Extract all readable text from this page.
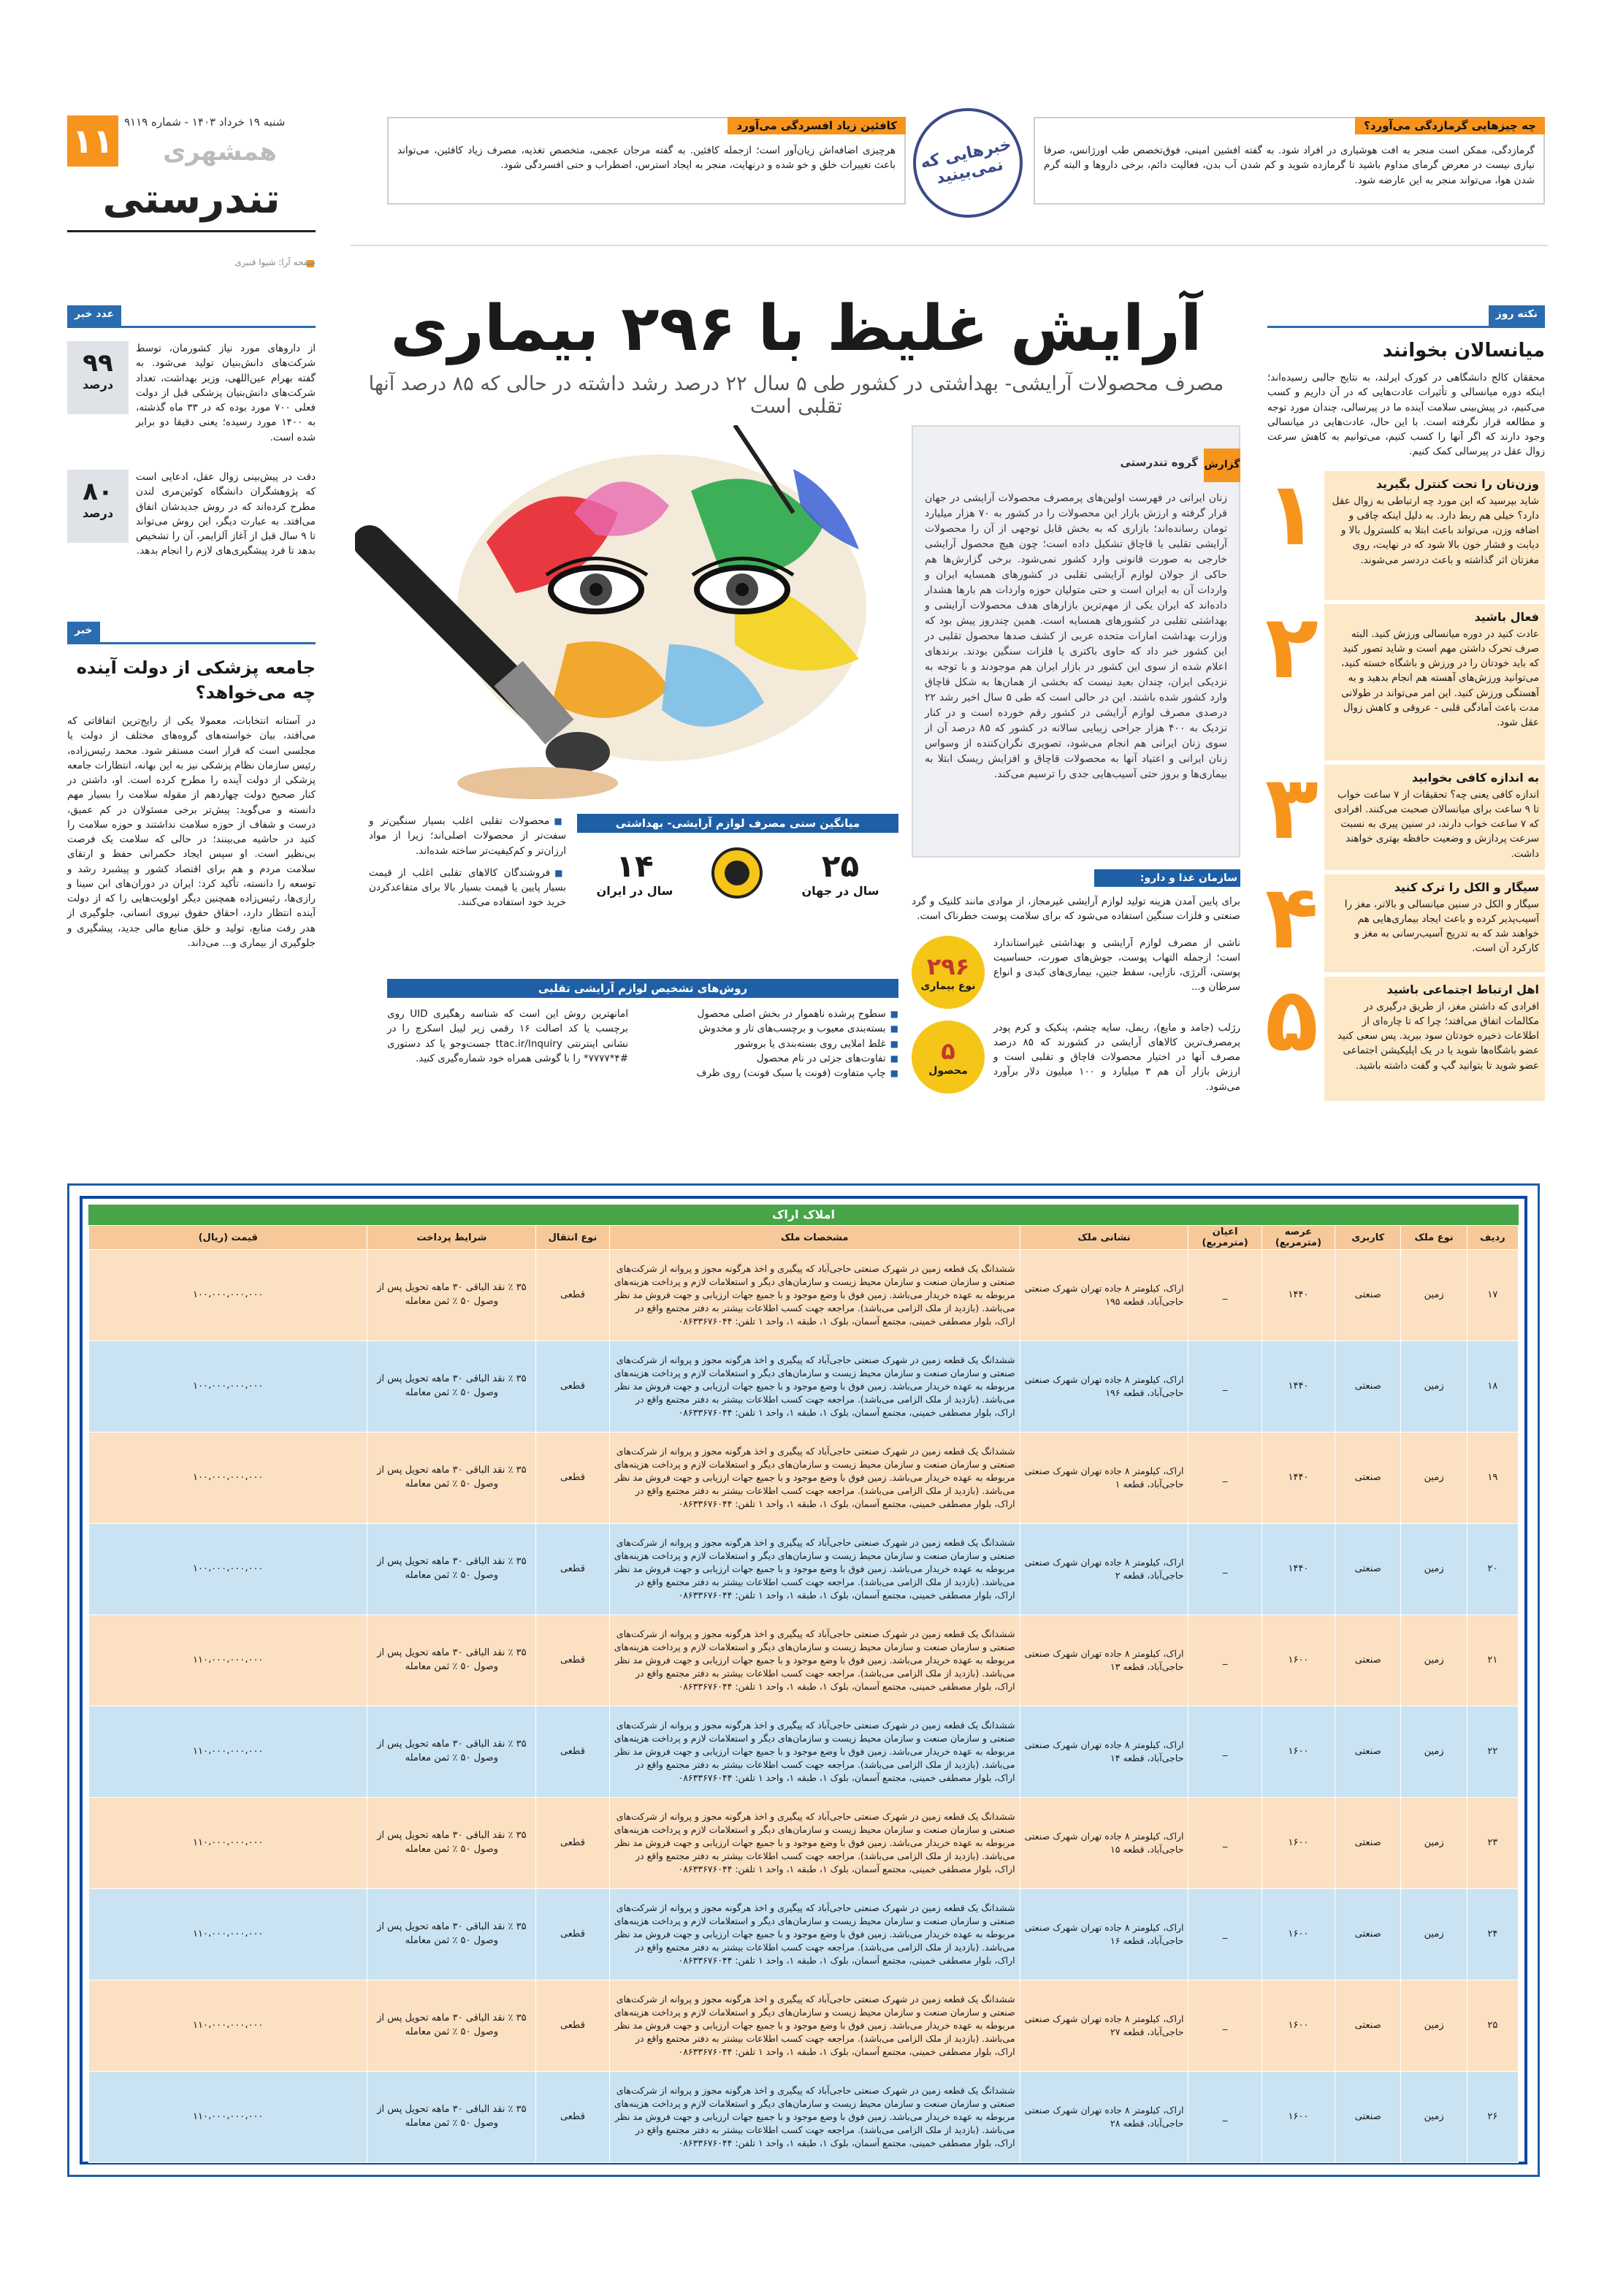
۱۱ شنبه ۱۹ خرداد ۱۴۰۳ - شماره ۹۱۱۹
همشهری
تندرستی
صفحه آرا: شیوا قنبری
چه چیزهایی گرمازدگی می‌آورد؟
گرمازدگی، ممکن است منجر به افت هوشیاری در افراد شود. به گفته افشین امینی، فوق‌تخصص طب اورژانس، صرفا نیازی نیست در معرض گرمای مداوم باشید تا گرمازده شوید و کم شدن آب بدن، فعالیت دائم، برخی داروها و البته گرم شدن هوا، می‌تواند منجر به این عارضه شود.
خبرهایی که نمی‌بینید
کافئین زیاد افسردگی می‌آورد
هرچیزی اضافه‌اش زیان‌آور است؛ ازجمله کافئین. به گفته مرجان عجمی، متخصص تغذیه، مصرف زیاد کافئین، می‌تواند باعث تغییرات خلق و خو شده و درنهایت، منجر به ایجاد استرس، اضطراب و حتی افسردگی شود.
نکته روز
میانسالان بخوانند
محققان کالج دانشگاهی در کورک ایرلند، به نتایج جالبی رسیده‌اند؛ اینکه دوره میانسالی و تأثیرات عادت‌هایی که در آن داریم و کسب می‌کنیم، در پیش‌بینی سلامت آینده ما در پیرسالی، چندان مورد توجه و مطالعه قرار نگرفته است. با این حال، عادت‌هایی در میانسالی وجود دارند که اگر آنها را کسب کنیم، می‌توانیم به کاهش سرعت زوال عقل در پیرسالی کمک کنیم.
وزن‌تان را تحت کنترل بگیرید
شاید بپرسید که این مورد چه ارتباطی به زوال عقل دارد؟ خیلی هم ربط دارد. به دلیل اینکه چاقی و اضافه وزن، می‌تواند باعث ابتلا به کلسترول بالا و دیابت و فشار خون بالا شود که در نهایت، روی مغزتان اثر گذاشته و باعث دردسر می‌شوند.
۱
فعال باشید
عادت کنید در دوره میانسالی ورزش کنید. البته صرف تحرک داشتن مهم است و شاید تصور کنید که باید خودتان را در ورزش و باشگاه خسته کنید، می‌توانید ورزش‌های آهسته هم انجام بدهید و به آهستگی ورزش کنید. این امر می‌تواند در طولانی مدت باعث آمادگی قلبی - عروقی و کاهش زوال عقل شود.
۲
به اندازه کافی بخوابید
اندازه کافی یعنی چه؟ تحقیقات از ۷ ساعت خواب تا ۹ ساعت برای میانسالان صحبت می‌کنند. افرادی که ۷ ساعت خواب دارند، در سنین پیری به نسبت سرعت پردازش و وضعیت حافظه بهتری خواهند داشت.
۳
سیگار و الکل را ترک کنید
سیگار و الکل در سنین میانسالی و بالاتر، مغز را آسیب‌پذیر کرده و باعث ایجاد بیماری‌هایی هم خواهند شد که به تدریج آسیب‌رسانی به مغز و کارکرد آن است.
۴
اهل ارتباط اجتماعی باشید
افرادی که داشتن مغز، از طریق درگیری در مکالمات اتفاق می‌افتد؛ چرا که تا چاره‌ای از اطلاعات ذخیره خودتان سود ببرید. پس سعی کنید عضو باشگاه‌ها شوید یا در یک اپلیکیشن اجتماعی عضو شوید تا بتوانید گپ و گفت داشته باشید.
۵
عدد خبر
از داروهای مورد نیاز کشورمان، توسط شرکت‌های دانش‌بنیان تولید می‌شود. به گفته بهرام عین‌اللهی، وزیر بهداشت، تعداد شرکت‌های دانش‌بنیان پزشکی قبل از دولت فعلی ۷۰۰ مورد بوده که در ۳۳ ماه گذشته، به ۱۴۰۰ مورد رسیده؛ یعنی دقیقا دو برابر شده است.
۹۹
درصد
دقت در پیش‌بینی زوال عقل، ادعایی است که پژوهشگران دانشگاه کوئین‌مری لندن مطرح کرده‌اند که در روش جدیدشان اتفاق می‌افتد. به عبارت دیگر، این روش می‌تواند تا ۹ سال قبل از آغاز آلزایمر، آن را تشخیص بدهد تا فرد پیشگیری‌های لازم را انجام بدهد.
۸۰
درصد
خبر
جامعه پزشکی از دولت آینده چه می‌خواهد؟
در آستانه انتخابات، معمولا یکی از رایج‌ترین اتفاقاتی که می‌افتد، بیان خواسته‌های گروه‌های مختلف از دولت یا مجلسی است که قرار است مستقر شود. محمد رئیس‌زاده، رئیس سازمان نظام پزشکی نیز به این بهانه، انتظارات جامعه پزشکی از دولت آینده را مطرح کرده است. او، داشتن در کنار صحیح دولت چهاردهم از مقوله سلامت را بسیار مهم دانسته و می‌گوید: پیش‌تر برخی مسئولان در کم عمیق، درست و شفاف از حوزه سلامت نداشتند و حوزه سلامت را کنید در حاشیه می‌بینند؛ در حالی که سلامت یک فرصت بی‌نظیر است. او سپس ایجاد حکمرانی حفظ و ارتقای سلامت مردم و هم برای اقتصاد کشور و پیشبرد رشد و توسعه را دانسته، تأکید کرد: ایران در دوران‌های ابن سینا و رازی‌ها، رئیس‌زاده همچنین دیگر اولویت‌هایی را که از دولت آینده انتظار دارد، احقاق حقوق نیروی انسانی، جلوگیری از هدر رفت منابع، تولید و خلق منابع مالی جدید، پیشگیری و جلوگیری از بیماری و... می‌داند.
آرایش غلیظ با ۲۹۶ بیماری
مصرف محصولات آرایشی- بهداشتی در کشور طی ۵ سال ۲۲ درصد رشد داشته در حالی که ۸۵ درصد آنها تقلبی است
زنان ایرانی در فهرست اولین‌های پرمصرف محصولات آرایشی در جهان قرار گرفته و ارزش بازار این محصولات را در کشور به ۷۰ هزار میلیارد تومان رسانده‌اند؛ بازاری که به بخش قابل توجهی از آن را محصولات آرایشی تقلبی یا قاچاق تشکیل داده است؛ چون هیچ محصول آرایشی خارجی به صورت قانونی وارد کشور نمی‌شود. برخی گزارش‌ها هم حاکی از جولان لوازم آرایشی تقلبی در کشورهای همسایه ایران و واردات آن به ایران است و حتی متولیان حوزه واردات هم بارها هشدار داده‌اند که ایران یکی از مهم‌ترین بازارهای هدف محصولات آرایشی و بهداشتی تقلبی در کشورهای همسایه است. همین چندروز پیش بود که وزارت بهداشت امارات متحده عربی از کشف صدها محصول تقلبی در این کشور خبر داد که حاوی باکتری یا فلزات سنگین بودند. برندهای اعلام شده از سوی این کشور در بازار ایران هم موجودند و با توجه به نزدیکی ایران، چندان بعید نیست که بخشی از همان‌ها به شکل قاچاق وارد کشور شده باشند. این در حالی است که طی ۵ سال اخیر رشد ۲۲ درصدی مصرف لوازم آرایشی در کشور رقم خورده است و در کنار نزدیک به ۴۰۰ هزار جراحی زیبایی سالانه در کشور که ۸۵ درصد آن از سوی زنان ایرانی هم انجام می‌شود، تصویری نگران‌کننده از وسواس زنان ایرانی و اعتیاد آنها به محصولات قاچاق و افزایش ریسک ابتلا به بیماری‌ها و بروز حتی آسیب‌هایی جدی را ترسیم می‌کند.
گزارش
گروه تندرستی
سازمان غذا و دارو:
برای پایین آمدن هزینه تولید لوازم آرایشی غیرمجاز، از موادی مانند کلنیک و گرد صنعتی و فلزات سنگین استفاده می‌شود که برای سلامت پوست خطرناک است.
ناشی از مصرف لوازم آرایشی و بهداشتی غیراستاندارد است؛ ازجمله التهاب پوست، جوش‌های صورت، حساسیت پوستی، آلرژی، نازایی، سقط جنین، بیماری‌های کبدی و انواع سرطان و...
۲۹۶
نوع بیماری
رژلب (جامد و مایع)، ریمل، سایه چشم، پنکیک و کرم پودر پرمصرف‌ترین کالاهای آرایشی در کشورند که ۸۵ درصد مصرف آنها در اختیار محصولات قاچاق و تقلبی است و ارزش بازار آن هم ۳ میلیارد و ۱۰۰ میلیون دلار برآورد می‌شود.
۵
محصول
میانگین سنی مصرف لوازم آرایشی- بهداشتی
۲۵
سال در جهان
۱۴
سال در ایران
■ محصولات تقلبی اغلب بسیار سنگین‌تر و سفت‌تر از محصولات اصلی‌اند؛ زیرا از مواد ارزان‌تر و کم‌کیفیت‌تر ساخته شده‌اند.
■ فروشندگان کالاهای تقلبی اغلب از قیمت بسیار پایین یا قیمت بسیار بالا برای متقاعدکردن خرید خود استفاده می‌کنند.
روش‌های تشخیص لوازم آرایشی تقلبی
■ سطوح پرشده ناهموار در بخش اصلی محصول
■ بسته‌بندی معیوب و برچسب‌های تار و مخدوش
■ غلط املایی روی بسته‌بندی یا بروشور
■ تفاوت‌های جزئی در نام محصول
■ چاپ متفاوت (فونت یا سبک فونت) روی ظرف
امانهترین روش این است که شناسه رهگیری UID روی برچسب یا کد اصالت ۱۶ رقمی زیر لیبل اسکرچ را در نشانی اینترنتی ttac.ir/Inquiry جست‌وجو یا کد دستوری #۴*۷۷۷۷* را با گوشی همراه خود شماره‌گیری کنید.
املاک اراک
ردیف	نوع ملک	کاربری	عرصه (مترمربع)	اعیان (مترمربع)	نشانی ملک	مشخصات ملک	نوع انتقال	شرایط پرداخت	قیمت (ریال)
۱۷	زمین	صنعتی	۱۴۴۰	_	اراک، کیلومتر ۸ جاده تهران شهرک صنعتی حاجی‌آباد، قطعه ۱۹۵	ششدانگ یک قطعه زمین در شهرک صنعتی حاجی‌آباد که پیگیری و اخذ هرگونه مجوز و پروانه از شرکت‌های صنعتی و سازمان صنعت و سازمان محیط زیست و سازمان‌های دیگر و استعلامات لازم و پرداخت هزینه‌های مربوطه به عهده خریدار می‌باشد. زمین فوق با وضع موجود و با جمیع جهات ارزیابی و جهت فروش مد نظر می‌باشد. (بازدید از ملک الزامی می‌باشد). مراجعه جهت کسب اطلاعات بیشتر به دفتر مجتمع واقع در اراک، بلوار مصطفی خمینی، مجتمع آسمان، بلوک ۱، طبقه ۱، واحد ۱ تلفن: ۰۸۶۳۳۶۷۶۰۴۴	قطعی	۳۵ ٪ نقد الباقی ۳۰ ماهه تحویل پس از وصول ۵۰ ٪ ثمن معامله	۱۰۰،۰۰۰،۰۰۰،۰۰۰
۱۸	زمین	صنعتی	۱۴۴۰	_	اراک، کیلومتر ۸ جاده تهران شهرک صنعتی حاجی‌آباد، قطعه ۱۹۶	ششدانگ یک قطعه زمین در شهرک صنعتی حاجی‌آباد که پیگیری و اخذ هرگونه مجوز و پروانه از شرکت‌های صنعتی و سازمان صنعت و سازمان محیط زیست و سازمان‌های دیگر و استعلامات لازم و پرداخت هزینه‌های مربوطه به عهده خریدار می‌باشد. زمین فوق با وضع موجود و با جمیع جهات ارزیابی و جهت فروش مد نظر می‌باشد. (بازدید از ملک الزامی می‌باشد). مراجعه جهت کسب اطلاعات بیشتر به دفتر مجتمع واقع در اراک، بلوار مصطفی خمینی، مجتمع آسمان، بلوک ۱، طبقه ۱، واحد ۱ تلفن: ۰۸۶۳۳۶۷۶۰۴۴	قطعی	۳۵ ٪ نقد الباقی ۳۰ ماهه تحویل پس از وصول ۵۰ ٪ ثمن معامله	۱۰۰،۰۰۰،۰۰۰،۰۰۰
۱۹	زمین	صنعتی	۱۴۴۰	_	اراک، کیلومتر ۸ جاده تهران شهرک صنعتی حاجی‌آباد، قطعه ۱	ششدانگ یک قطعه زمین در شهرک صنعتی حاجی‌آباد که پیگیری و اخذ هرگونه مجوز و پروانه از شرکت‌های صنعتی و سازمان صنعت و سازمان محیط زیست و سازمان‌های دیگر و استعلامات لازم و پرداخت هزینه‌های مربوطه به عهده خریدار می‌باشد. زمین فوق با وضع موجود و با جمیع جهات ارزیابی و جهت فروش مد نظر می‌باشد. (بازدید از ملک الزامی می‌باشد). مراجعه جهت کسب اطلاعات بیشتر به دفتر مجتمع واقع در اراک، بلوار مصطفی خمینی، مجتمع آسمان، بلوک ۱، طبقه ۱، واحد ۱ تلفن: ۰۸۶۳۳۶۷۶۰۴۴	قطعی	۳۵ ٪ نقد الباقی ۳۰ ماهه تحویل پس از وصول ۵۰ ٪ ثمن معامله	۱۰۰،۰۰۰،۰۰۰،۰۰۰
۲۰	زمین	صنعتی	۱۴۴۰	_	اراک، کیلومتر ۸ جاده تهران شهرک صنعتی حاجی‌آباد، قطعه ۲	ششدانگ یک قطعه زمین در شهرک صنعتی حاجی‌آباد که پیگیری و اخذ هرگونه مجوز و پروانه از شرکت‌های صنعتی و سازمان صنعت و سازمان محیط زیست و سازمان‌های دیگر و استعلامات لازم و پرداخت هزینه‌های مربوطه به عهده خریدار می‌باشد. زمین فوق با وضع موجود و با جمیع جهات ارزیابی و جهت فروش مد نظر می‌باشد. (بازدید از ملک الزامی می‌باشد). مراجعه جهت کسب اطلاعات بیشتر به دفتر مجتمع واقع در اراک، بلوار مصطفی خمینی، مجتمع آسمان، بلوک ۱، طبقه ۱، واحد ۱ تلفن: ۰۸۶۳۳۶۷۶۰۴۴	قطعی	۳۵ ٪ نقد الباقی ۳۰ ماهه تحویل پس از وصول ۵۰ ٪ ثمن معامله	۱۰۰،۰۰۰،۰۰۰،۰۰۰
۲۱	زمین	صنعتی	۱۶۰۰	_	اراک، کیلومتر ۸ جاده تهران شهرک صنعتی حاجی‌آباد، قطعه ۱۳	ششدانگ یک قطعه زمین در شهرک صنعتی حاجی‌آباد که پیگیری و اخذ هرگونه مجوز و پروانه از شرکت‌های صنعتی و سازمان صنعت و سازمان محیط زیست و سازمان‌های دیگر و استعلامات لازم و پرداخت هزینه‌های مربوطه به عهده خریدار می‌باشد. زمین فوق با وضع موجود و با جمیع جهات ارزیابی و جهت فروش مد نظر می‌باشد. (بازدید از ملک الزامی می‌باشد). مراجعه جهت کسب اطلاعات بیشتر به دفتر مجتمع واقع در اراک، بلوار مصطفی خمینی، مجتمع آسمان، بلوک ۱، طبقه ۱، واحد ۱ تلفن: ۰۸۶۳۳۶۷۶۰۴۴	قطعی	۳۵ ٪ نقد الباقی ۳۰ ماهه تحویل پس از وصول ۵۰ ٪ ثمن معامله	۱۱۰،۰۰۰،۰۰۰،۰۰۰
۲۲	زمین	صنعتی	۱۶۰۰	_	اراک، کیلومتر ۸ جاده تهران شهرک صنعتی حاجی‌آباد، قطعه ۱۴	ششدانگ یک قطعه زمین در شهرک صنعتی حاجی‌آباد که پیگیری و اخذ هرگونه مجوز و پروانه از شرکت‌های صنعتی و سازمان صنعت و سازمان محیط زیست و سازمان‌های دیگر و استعلامات لازم و پرداخت هزینه‌های مربوطه به عهده خریدار می‌باشد. زمین فوق با وضع موجود و با جمیع جهات ارزیابی و جهت فروش مد نظر می‌باشد. (بازدید از ملک الزامی می‌باشد). مراجعه جهت کسب اطلاعات بیشتر به دفتر مجتمع واقع در اراک، بلوار مصطفی خمینی، مجتمع آسمان، بلوک ۱، طبقه ۱، واحد ۱ تلفن: ۰۸۶۳۳۶۷۶۰۴۴	قطعی	۳۵ ٪ نقد الباقی ۳۰ ماهه تحویل پس از وصول ۵۰ ٪ ثمن معامله	۱۱۰،۰۰۰،۰۰۰،۰۰۰
۲۳	زمین	صنعتی	۱۶۰۰	_	اراک، کیلومتر ۸ جاده تهران شهرک صنعتی حاجی‌آباد، قطعه ۱۵	ششدانگ یک قطعه زمین در شهرک صنعتی حاجی‌آباد که پیگیری و اخذ هرگونه مجوز و پروانه از شرکت‌های صنعتی و سازمان صنعت و سازمان محیط زیست و سازمان‌های دیگر و استعلامات لازم و پرداخت هزینه‌های مربوطه به عهده خریدار می‌باشد. زمین فوق با وضع موجود و با جمیع جهات ارزیابی و جهت فروش مد نظر می‌باشد. (بازدید از ملک الزامی می‌باشد). مراجعه جهت کسب اطلاعات بیشتر به دفتر مجتمع واقع در اراک، بلوار مصطفی خمینی، مجتمع آسمان، بلوک ۱، طبقه ۱، واحد ۱ تلفن: ۰۸۶۳۳۶۷۶۰۴۴	قطعی	۳۵ ٪ نقد الباقی ۳۰ ماهه تحویل پس از وصول ۵۰ ٪ ثمن معامله	۱۱۰،۰۰۰،۰۰۰،۰۰۰
۲۴	زمین	صنعتی	۱۶۰۰	_	اراک، کیلومتر ۸ جاده تهران شهرک صنعتی حاجی‌آباد، قطعه ۱۶	ششدانگ یک قطعه زمین در شهرک صنعتی حاجی‌آباد که پیگیری و اخذ هرگونه مجوز و پروانه از شرکت‌های صنعتی و سازمان صنعت و سازمان محیط زیست و سازمان‌های دیگر و استعلامات لازم و پرداخت هزینه‌های مربوطه به عهده خریدار می‌باشد. زمین فوق با وضع موجود و با جمیع جهات ارزیابی و جهت فروش مد نظر می‌باشد. (بازدید از ملک الزامی می‌باشد). مراجعه جهت کسب اطلاعات بیشتر به دفتر مجتمع واقع در اراک، بلوار مصطفی خمینی، مجتمع آسمان، بلوک ۱، طبقه ۱، واحد ۱ تلفن: ۰۸۶۳۳۶۷۶۰۴۴	قطعی	۳۵ ٪ نقد الباقی ۳۰ ماهه تحویل پس از وصول ۵۰ ٪ ثمن معامله	۱۱۰،۰۰۰،۰۰۰،۰۰۰
۲۵	زمین	صنعتی	۱۶۰۰	_	اراک، کیلومتر ۸ جاده تهران شهرک صنعتی حاجی‌آباد، قطعه ۲۷	ششدانگ یک قطعه زمین در شهرک صنعتی حاجی‌آباد که پیگیری و اخذ هرگونه مجوز و پروانه از شرکت‌های صنعتی و سازمان صنعت و سازمان محیط زیست و سازمان‌های دیگر و استعلامات لازم و پرداخت هزینه‌های مربوطه به عهده خریدار می‌باشد. زمین فوق با وضع موجود و با جمیع جهات ارزیابی و جهت فروش مد نظر می‌باشد. (بازدید از ملک الزامی می‌باشد). مراجعه جهت کسب اطلاعات بیشتر به دفتر مجتمع واقع در اراک، بلوار مصطفی خمینی، مجتمع آسمان، بلوک ۱، طبقه ۱، واحد ۱ تلفن: ۰۸۶۳۳۶۷۶۰۴۴	قطعی	۳۵ ٪ نقد الباقی ۳۰ ماهه تحویل پس از وصول ۵۰ ٪ ثمن معامله	۱۱۰،۰۰۰،۰۰۰،۰۰۰
۲۶	زمین	صنعتی	۱۶۰۰	_	اراک، کیلومتر ۸ جاده تهران شهرک صنعتی حاجی‌آباد، قطعه ۲۸	ششدانگ یک قطعه زمین در شهرک صنعتی حاجی‌آباد که پیگیری و اخذ هرگونه مجوز و پروانه از شرکت‌های صنعتی و سازمان صنعت و سازمان محیط زیست و سازمان‌های دیگر و استعلامات لازم و پرداخت هزینه‌های مربوطه به عهده خریدار می‌باشد. زمین فوق با وضع موجود و با جمیع جهات ارزیابی و جهت فروش مد نظر می‌باشد. (بازدید از ملک الزامی می‌باشد). مراجعه جهت کسب اطلاعات بیشتر به دفتر مجتمع واقع در اراک، بلوار مصطفی خمینی، مجتمع آسمان، بلوک ۱، طبقه ۱، واحد ۱ تلفن: ۰۸۶۳۳۶۷۶۰۴۴	قطعی	۳۵ ٪ نقد الباقی ۳۰ ماهه تحویل پس از وصول ۵۰ ٪ ثمن معامله	۱۱۰،۰۰۰،۰۰۰،۰۰۰
